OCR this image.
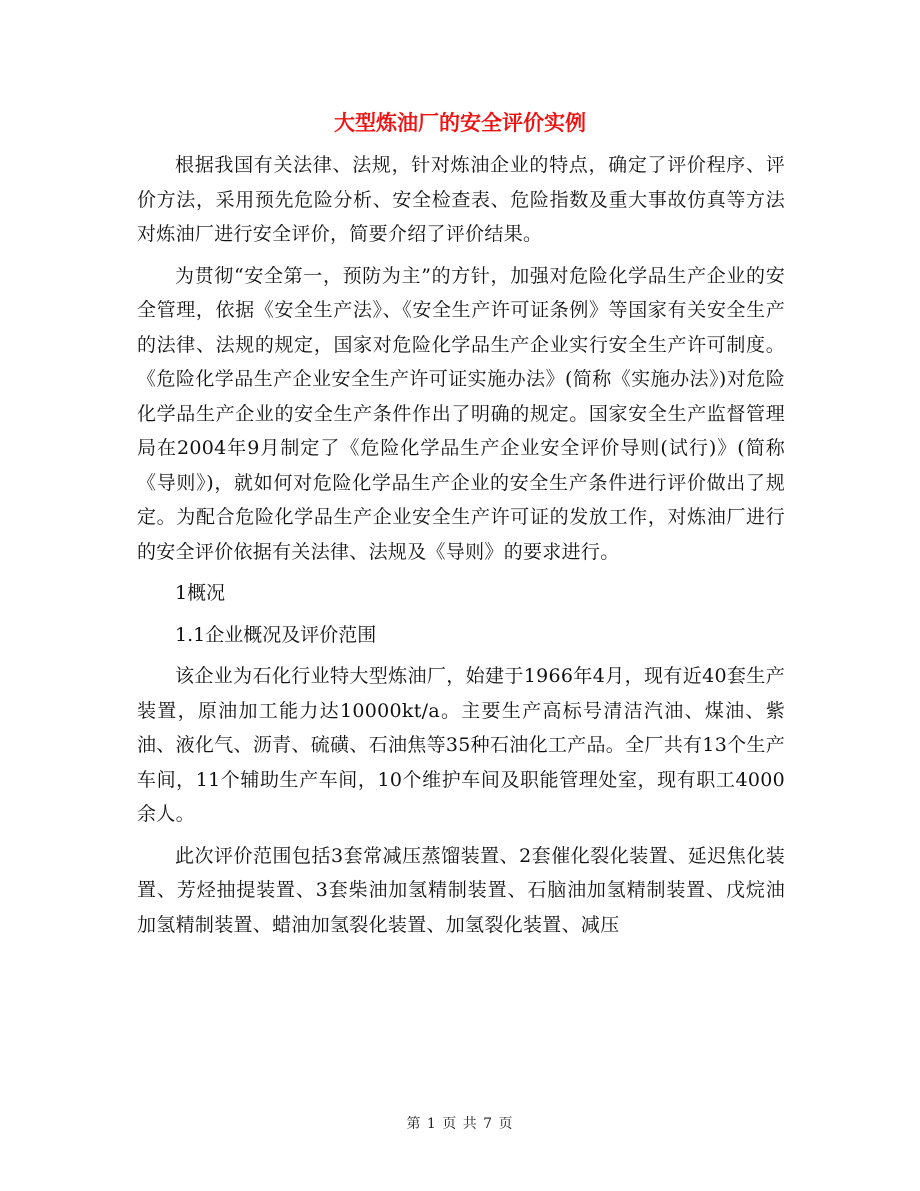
大型炼油厂的安全评价实例

根据我国有关法律、法规，针对炼油企业的特点，确定了评价程序、评价方法，采用预先危险分析、安全检查表、危险指数及重大事故仿真等方法对炼油厂进行安全评价，简要介绍了评价结果。

为贯彻“安全第一，预防为主”的方针，加强对危险化学品生产企业的安全管理，依据《安全生产法》、《安全生产许可证条例》等国家有关安全生产的法律、法规的规定，国家对危险化学品生产企业实行安全生产许可制度。《危险化学品生产企业安全生产许可证实施办法》(简称《实施办法》)对危险化学品生产企业的安全生产条件作出了明确的规定。国家安全生产监督管理局在2004年9月制定了《危险化学品生产企业安全评价导则(试行)》(简称《导则》)，就如何对危险化学品生产企业的安全生产条件进行评价做出了规定。为配合危险化学品生产企业安全生产许可证的发放工作，对炼油厂进行的安全评价依据有关法律、法规及《导则》的要求进行。

1概况

1.1企业概况及评价范围

该企业为石化行业特大型炼油厂，始建于1966年4月，现有近40套生产装置，原油加工能力达10000kt/a。主要生产高标号清洁汽油、煤油、紫油、液化气、沥青、硫磺、石油焦等35种石油化工产品。全厂共有13个生产车间，11个辅助生产车间，10个维护车间及职能管理处室，现有职工4000余人。

此次评价范围包括3套常减压蒸馏装置、2套催化裂化装置、延迟焦化装置、芳烃抽提装置、3套柴油加氢精制装置、石脑油加氢精制装置、戊烷油加氢精制装置、蜡油加氢裂化装置、加氢裂化装置、减压

第 1 页 共 7 页
